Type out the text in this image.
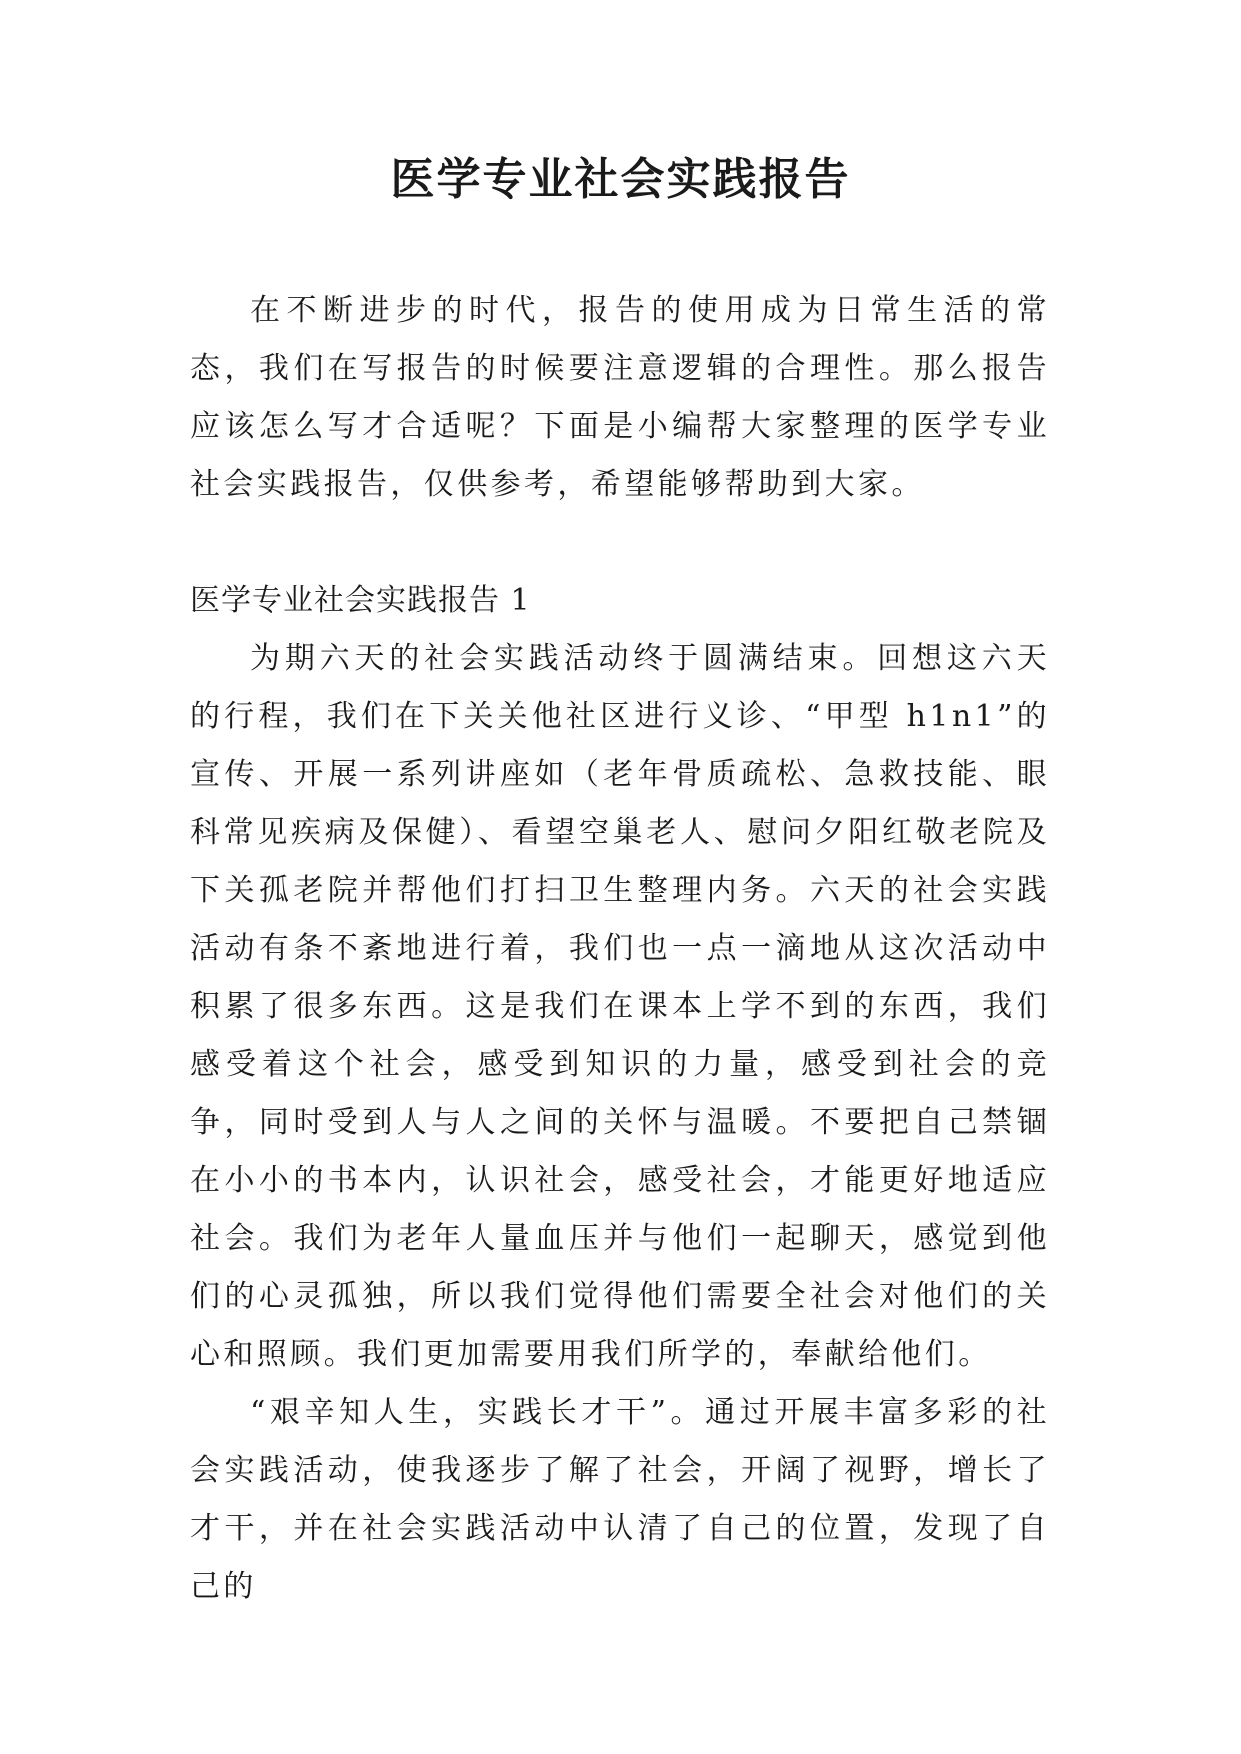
医学专业社会实践报告

在不断进步的时代，报告的使用成为日常生活的常态，我们在写报告的时候要注意逻辑的合理性。那么报告应该怎么写才合适呢？下面是小编帮大家整理的医学专业社会实践报告，仅供参考，希望能够帮助到大家。

医学专业社会实践报告 1

为期六天的社会实践活动终于圆满结束。回想这六天的行程，我们在下关关他社区进行义诊、“甲型 h1n1”的宣传、开展一系列讲座如（老年骨质疏松、急救技能、眼科常见疾病及保健）、看望空巢老人、慰问夕阳红敬老院及下关孤老院并帮他们打扫卫生整理内务。六天的社会实践活动有条不紊地进行着，我们也一点一滴地从这次活动中积累了很多东西。这是我们在课本上学不到的东西，我们感受着这个社会，感受到知识的力量，感受到社会的竞争，同时受到人与人之间的关怀与温暖。不要把自己禁锢在小小的书本内，认识社会，感受社会，才能更好地适应社会。我们为老年人量血压并与他们一起聊天，感觉到他们的心灵孤独，所以我们觉得他们需要全社会对他们的关心和照顾。我们更加需要用我们所学的，奉献给他们。

“艰辛知人生，实践长才干”。通过开展丰富多彩的社会实践活动，使我逐步了解了社会，开阔了视野，增长了才干，并在社会实践活动中认清了自己的位置，发现了自己的
